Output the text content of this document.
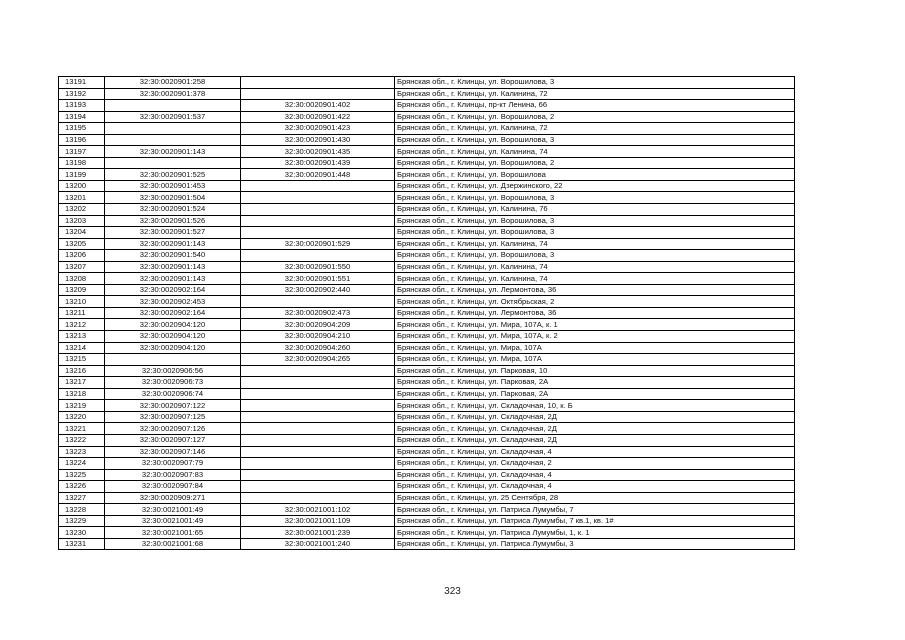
13191	32:30:0020901:258		Брянская обл., г. Клинцы, ул. Ворошилова, 3
13192	32:30:0020901:378		Брянская обл., г. Клинцы, ул. Калинина, 72
13193		32:30:0020901:402	Брянская обл., г. Клинцы, пр-кт Ленина, 66
13194	32:30:0020901:537	32:30:0020901:422	Брянская обл., г. Клинцы, ул. Ворошилова, 2
13195		32:30:0020901:423	Брянская обл., г. Клинцы, ул. Калинина, 72
13196		32:30:0020901:430	Брянская обл., г. Клинцы, ул. Ворошилова, 3
13197	32:30:0020901:143	32:30:0020901:435	Брянская обл., г. Клинцы, ул. Калинина, 74
13198		32:30:0020901:439	Брянская обл., г. Клинцы, ул. Ворошилова, 2
13199	32:30:0020901:525	32:30:0020901:448	Брянская обл., г. Клинцы, ул. Ворошилова
13200	32:30:0020901:453		Брянская обл., г. Клинцы, ул. Дзержинского, 22
13201	32:30:0020901:504		Брянская обл., г. Клинцы, ул. Ворошилова, 3
13202	32:30:0020901:524		Брянская обл., г. Клинцы, ул. Калинина, 76
13203	32:30:0020901:526		Брянская обл., г. Клинцы, ул. Ворошилова, 3
13204	32:30:0020901:527		Брянская обл., г. Клинцы, ул. Ворошилова, 3
13205	32:30:0020901:143	32:30:0020901:529	Брянская обл., г. Клинцы, ул. Калинина, 74
13206	32:30:0020901:540		Брянская обл., г. Клинцы, ул. Ворошилова, 3
13207	32:30:0020901:143	32:30:0020901:550	Брянская обл., г. Клинцы, ул. Калинина, 74
13208	32:30:0020901:143	32:30:0020901:551	Брянская обл., г. Клинцы, ул. Калинина, 74
13209	32:30:0020902:164	32:30:0020902:440	Брянская обл., г. Клинцы, ул. Лермонтова, 36
13210	32:30:0020902:453		Брянская обл., г. Клинцы, ул. Октябрьская, 2
13211	32:30:0020902:164	32:30:0020902:473	Брянская обл., г. Клинцы, ул. Лермонтова, 36
13212	32:30:0020904:120	32:30:0020904:209	Брянская обл., г. Клинцы, ул. Мира, 107А, к. 1
13213	32:30:0020904:120	32:30:0020904:210	Брянская обл., г. Клинцы, ул. Мира, 107А, к. 2
13214	32:30:0020904:120	32:30:0020904:260	Брянская обл., г. Клинцы, ул. Мира, 107А
13215		32:30:0020904:265	Брянская обл., г. Клинцы, ул. Мира, 107А
13216	32:30:0020906:56		Брянская обл., г. Клинцы, ул. Парковая, 10
13217	32:30:0020906:73		Брянская обл., г. Клинцы, ул. Парковая, 2А
13218	32:30:0020906:74		Брянская обл., г. Клинцы, ул. Парковая, 2А
13219	32:30:0020907:122		Брянская обл., г. Клинцы, ул. Складочная, 10, к. Б
13220	32:30:0020907:125		Брянская обл., г. Клинцы, ул. Складочная, 2Д
13221	32:30:0020907:126		Брянская обл., г. Клинцы, ул. Складочная, 2Д
13222	32:30:0020907:127		Брянская обл., г. Клинцы, ул. Складочная, 2Д
13223	32:30:0020907:146		Брянская обл., г. Клинцы, ул. Складочная, 4
13224	32:30:0020907:79		Брянская обл., г. Клинцы, ул. Складочная, 2
13225	32:30:0020907:83		Брянская обл., г. Клинцы, ул. Складочная, 4
13226	32:30:0020907:84		Брянская обл., г. Клинцы, ул. Складочная, 4
13227	32:30:0020909:271		Брянская обл., г. Клинцы, ул. 25 Сентября, 28
13228	32:30:0021001:49	32:30:0021001:102	Брянская обл., г. Клинцы, ул. Патриса Лумумбы, 7
13229	32:30:0021001:49	32:30:0021001:109	Брянская обл., г. Клинцы, ул. Патриса Лумумбы, 7 кв.1, кв. 1#
13230	32:30:0021001:65	32:30:0021001:239	Брянская обл., г. Клинцы, ул. Патриса Лумумбы, 1, к. 1
13231	32:30:0021001:68	32:30:0021001:240	Брянская обл., г. Клинцы, ул. Патриса Лумумбы, 3
323
